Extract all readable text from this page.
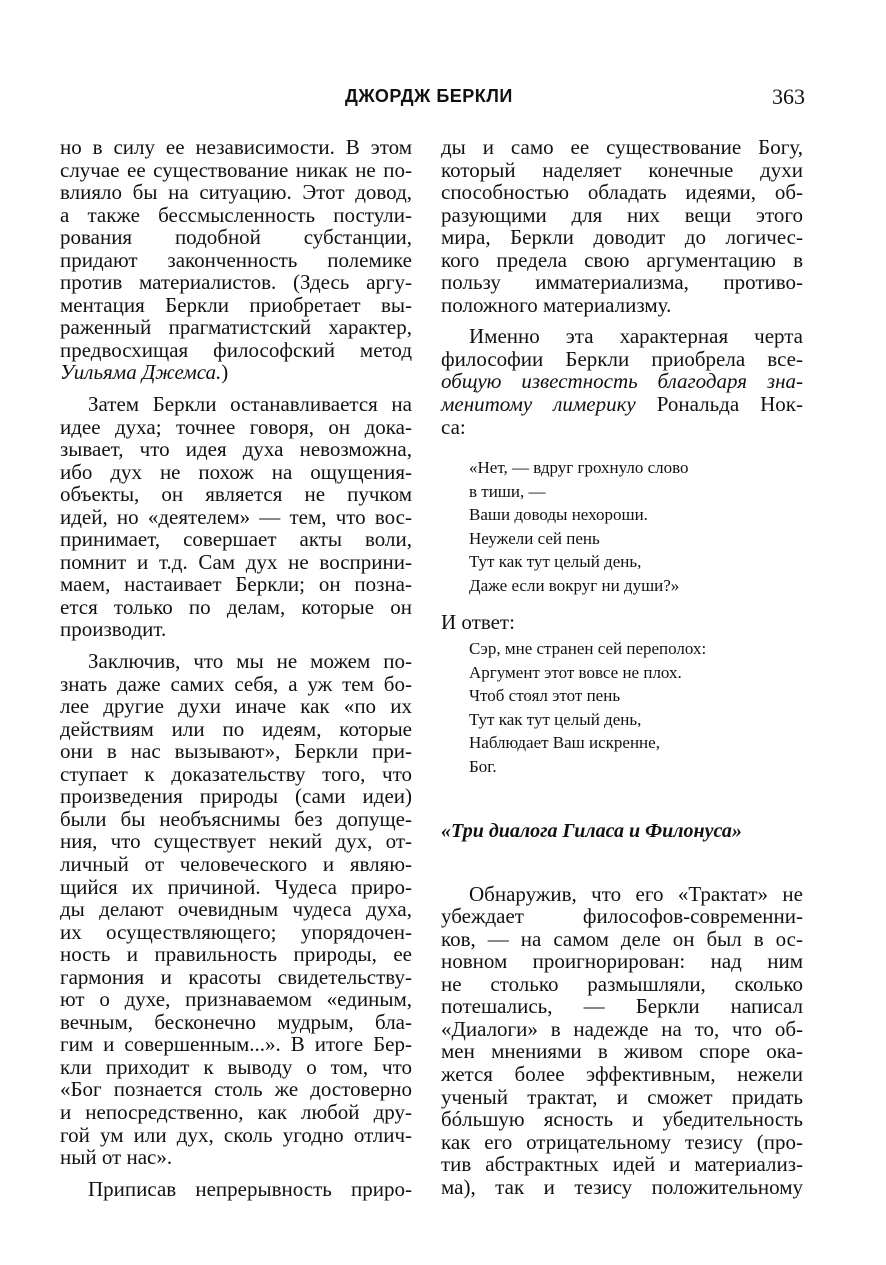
ДЖОРДЖ БЕРКЛИ	363

но в силу ее независимости. В этом
случае ее существование никак не по-
влияло бы на ситуацию. Этот довод,
а также бессмысленность постули-
рования подобной субстанции,
придают законченность полемике
против материалистов. (Здесь аргу-
ментация Беркли приобретает вы-
раженный прагматистский характер,
предвосхищая философский метод
Уильяма Джемса.)

Затем Беркли останавливается на
идее духа; точнее говоря, он дока-
зывает, что идея духа невозможна,
ибо дух не похож на ощущения-
объекты, он является не пучком
идей, но «деятелем» — тем, что вос-
принимает, совершает акты воли,
помнит и т.д. Сам дух не восприни-
маем, настаивает Беркли; он позна-
ется только по делам, которые он
производит.

Заключив, что мы не можем по-
знать даже самих себя, а уж тем бо-
лее другие духи иначе как «по их
действиям или по идеям, которые
они в нас вызывают», Беркли при-
ступает к доказательству того, что
произведения природы (сами идеи)
были бы необъяснимы без допуще-
ния, что существует некий дух, от-
личный от человеческого и являю-
щийся их причиной. Чудеса приро-
ды делают очевидным чудеса духа,
их осуществляющего; упорядочен-
ность и правильность природы, ее
гармония и красоты свидетельству-
ют о духе, признаваемом «единым,
вечным, бесконечно мудрым, бла-
гим и совершенным...». В итоге Бер-
кли приходит к выводу о том, что
«Бог познается столь же достоверно
и непосредственно, как любой дру-
гой ум или дух, сколь угодно отлич-
ный от нас».

Приписав непрерывность приро-

ды и само ее существование Богу,
который наделяет конечные духи
способностью обладать идеями, об-
разующими для них вещи этого
мира, Беркли доводит до логичес-
кого предела свою аргументацию в
пользу имматериализма, противо-
положного материализму.

Именно эта характерная черта
философии Беркли приобрела все-
общую известность благодаря зна-
менитому лимерику Рональда Нок-
са:

«Нет, — вдруг грохнуло слово
в тиши, —
Ваши доводы нехороши.
Неужели сей пень
Тут как тут целый день,
Даже если вокруг ни души?»
И ответ:
Сэр, мне странен сей переполох:
Аргумент этот вовсе не плох.
Чтоб стоял этот пень
Тут как тут целый день,
Наблюдает Ваш искренне,
Бог.
«Три диалога Гиласа и Филонуса»

Обнаружив, что его «Трактат» не
убеждает философов-современни-
ков, — на самом деле он был в ос-
новном проигнорирован: над ним
не столько размышляли, сколько
потешались, — Беркли написал
«Диалоги» в надежде на то, что об-
мен мнениями в живом споре ока-
жется более эффективным, нежели
ученый трактат, и сможет придать
бóльшую ясность и убедительность
как его отрицательному тезису (про-
тив абстрактных идей и материализ-
ма), так и тезису положительному
